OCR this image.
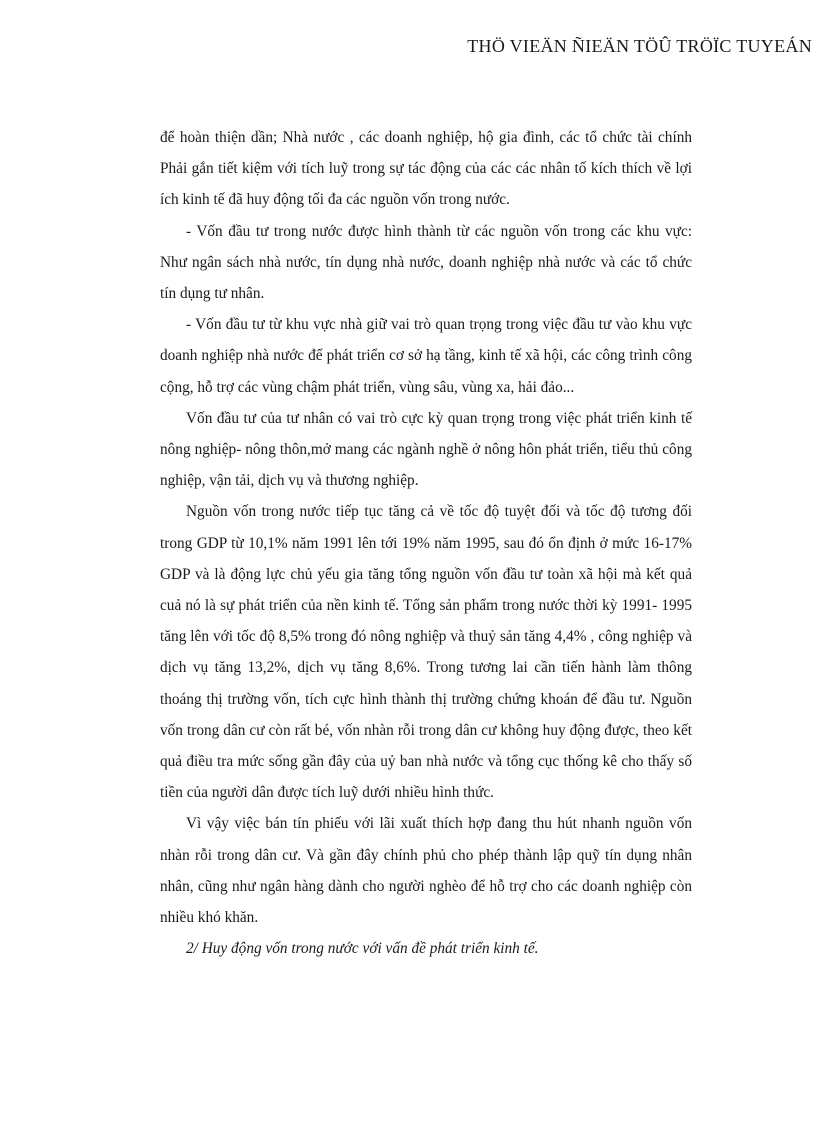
THÖ VIEÄN ÑIEÄN TÖÛ TRÖÏC TUYEÁN

để hoàn thiện dần; Nhà nước , các doanh nghiệp, hộ gia đình, các tổ chức tài chính Phải gắn tiết kiệm với tích luỹ trong sự tác động của các các nhân tố kích thích về lợi ích kinh tế đã huy động tối đa các nguồn vốn trong nước.

- Vốn đầu tư trong nước được hình thành từ các nguồn vốn trong các khu vực: Như ngân sách nhà nước, tín dụng nhà nước, doanh nghiệp nhà nước và các tổ chức tín dụng tư nhân.

- Vốn đầu tư từ khu vực nhà giữ vai trò quan trọng trong việc đầu tư vào khu vực doanh nghiệp nhà nước để phát triển cơ sở hạ tầng, kinh tế xã hội, các công trình công cộng, hỗ trợ các vùng chậm phát triển, vùng sâu, vùng xa, hải đảo...

Vốn đầu tư của tư nhân có vai trò cực kỳ quan trọng trong việc phát triển kinh tế nông nghiệp- nông thôn,mở mang các ngành nghề ở nông hôn phát triển, tiểu thủ công nghiệp, vận tải, dịch vụ và thương nghiệp.

Nguồn vốn trong nước tiếp tục tăng cả về tốc độ tuyệt đối và tốc độ tương đối trong GDP từ 10,1% năm 1991 lên tới 19% năm 1995, sau đó ổn định ở mức 16-17% GDP và là động lực chủ yếu gia tăng tổng nguồn vốn đầu tư toàn xã hội mà kết quả cuả nó là sự phát triển của nền kinh tế. Tổng sản phẩm trong nước thời kỳ 1991- 1995 tăng lên với tốc độ 8,5% trong đó nông nghiệp và thuỷ sản tăng 4,4% , công nghiệp và dịch vụ tăng 13,2%, dịch vụ tăng 8,6%. Trong tương lai cần tiến hành làm thông thoáng thị trường vốn, tích cực hình thành thị trường chứng khoán để đầu tư. Nguồn vốn trong dân cư còn rất bé, vốn nhàn rỗi trong dân cư không huy động được, theo kết quả điều tra mức sống gần đây của uỷ ban nhà nước và tổng cục thống kê cho thấy số tiền của người dân được tích luỹ dưới nhiều hình thức.

Vì vậy việc bán tín phiếu với lãi xuất thích hợp đang thu hút nhanh nguồn vốn nhàn rỗi trong dân cư. Và gần đây chính phủ cho phép thành lập quỹ tín dụng nhân nhân, cũng như ngân hàng dành cho người nghèo để hỗ trợ cho các doanh nghiệp còn nhiều khó khăn.

2/ Huy động vốn trong nước với vấn đề phát triển kinh tế.
